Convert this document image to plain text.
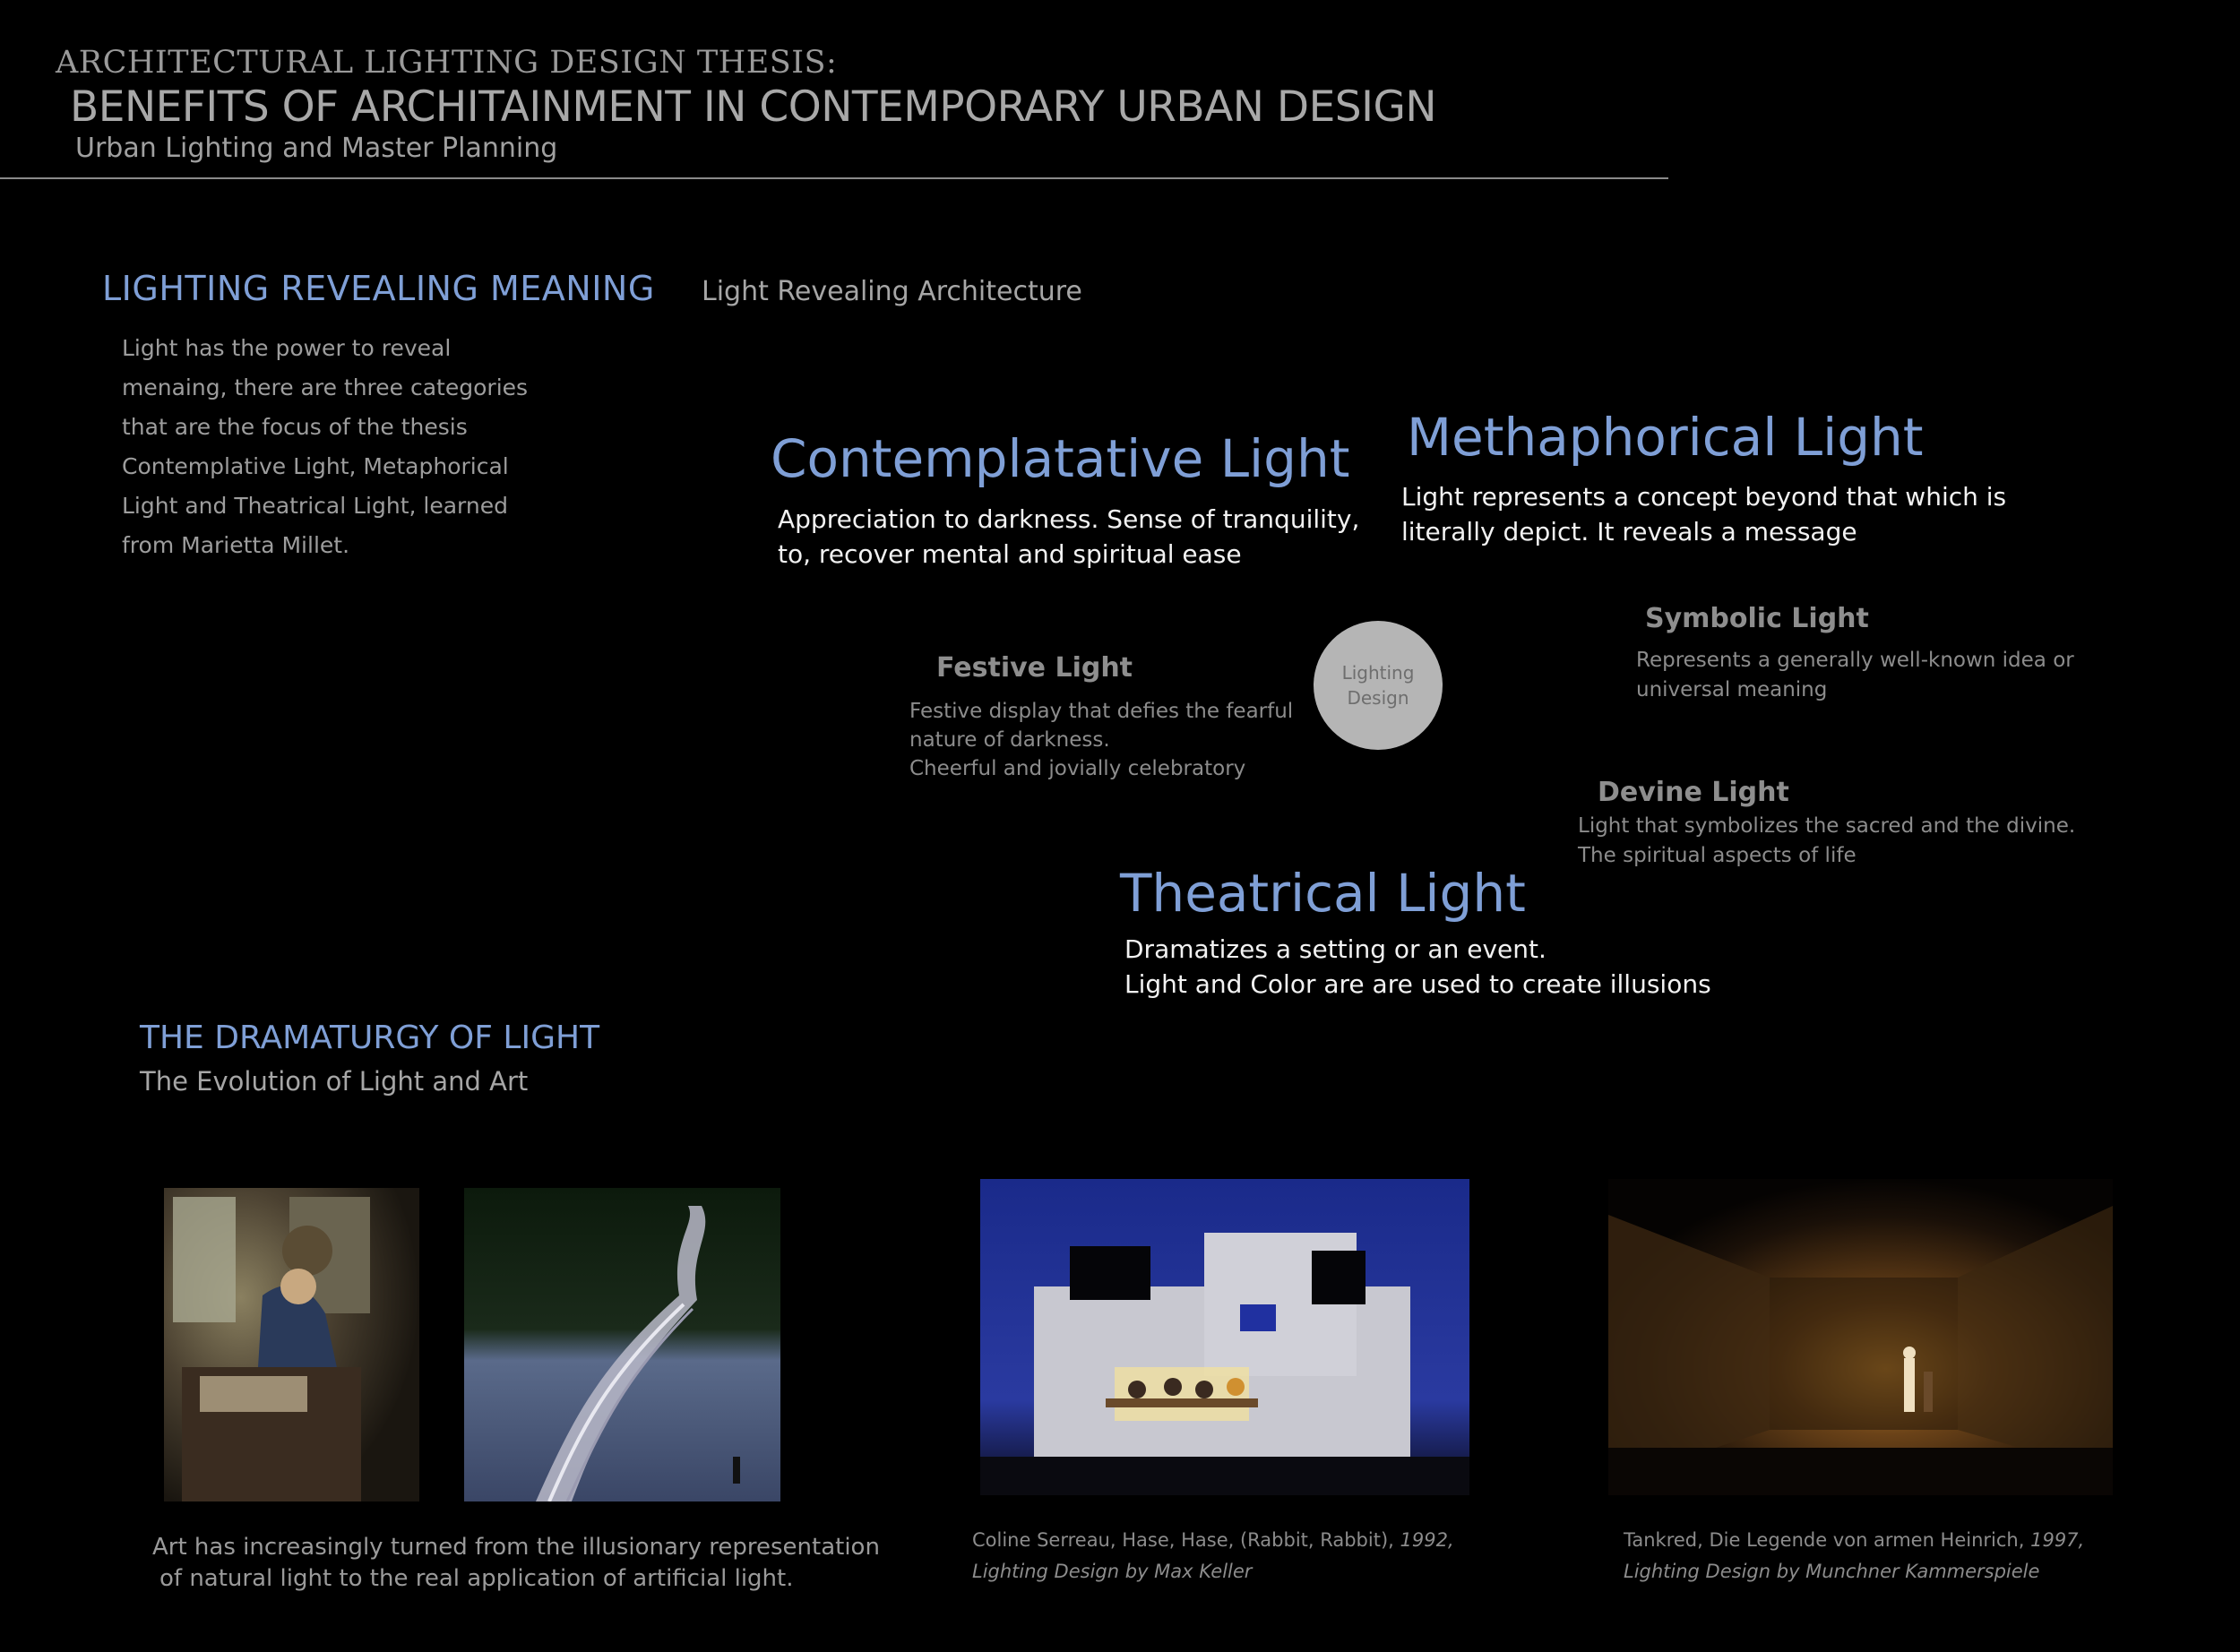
ARCHITECTURAL LIGHTING DESIGN THESIS:
BENEFITS OF ARCHITAINMENT IN CONTEMPORARY URBAN DESIGN
Urban Lighting and Master Planning
LIGHTING REVEALING MEANING Light Revealing Architecture
Light has the power to reveal
menaing, there are three categories
that are the focus of the thesis
Contemplative Light, Metaphorical
Light and Theatrical Light, learned
from Marietta Millet.
Contemplatative Light
Appreciation to darkness. Sense of tranquility,
to, recover mental and spiritual ease
Methaphorical Light
Light represents a concept beyond that which is
literally depict. It reveals a message
Festive Light
Festive display that defies the fearful
nature of darkness.
Cheerful and jovially celebratory
Lighting
Design
Symbolic Light
Represents a generally well-known idea or
universal meaning
Devine Light
Light that symbolizes the sacred and the divine.
The spiritual aspects of life
Theatrical Light
Dramatizes a setting or an event.
Light and Color are are used to create illusions
THE DRAMATURGY OF LIGHT
The Evolution of Light and Art
Coline Serreau, Hase, Hase, (Rabbit, Rabbit), 1992,
Lighting Design by Max Keller
Tankred, Die Legende von armen Heinrich, 1997,
Lighting Design by Munchner Kammerspiele
Art has increasingly turned from the illusionary representation
of natural light to the real application of artificial light.
